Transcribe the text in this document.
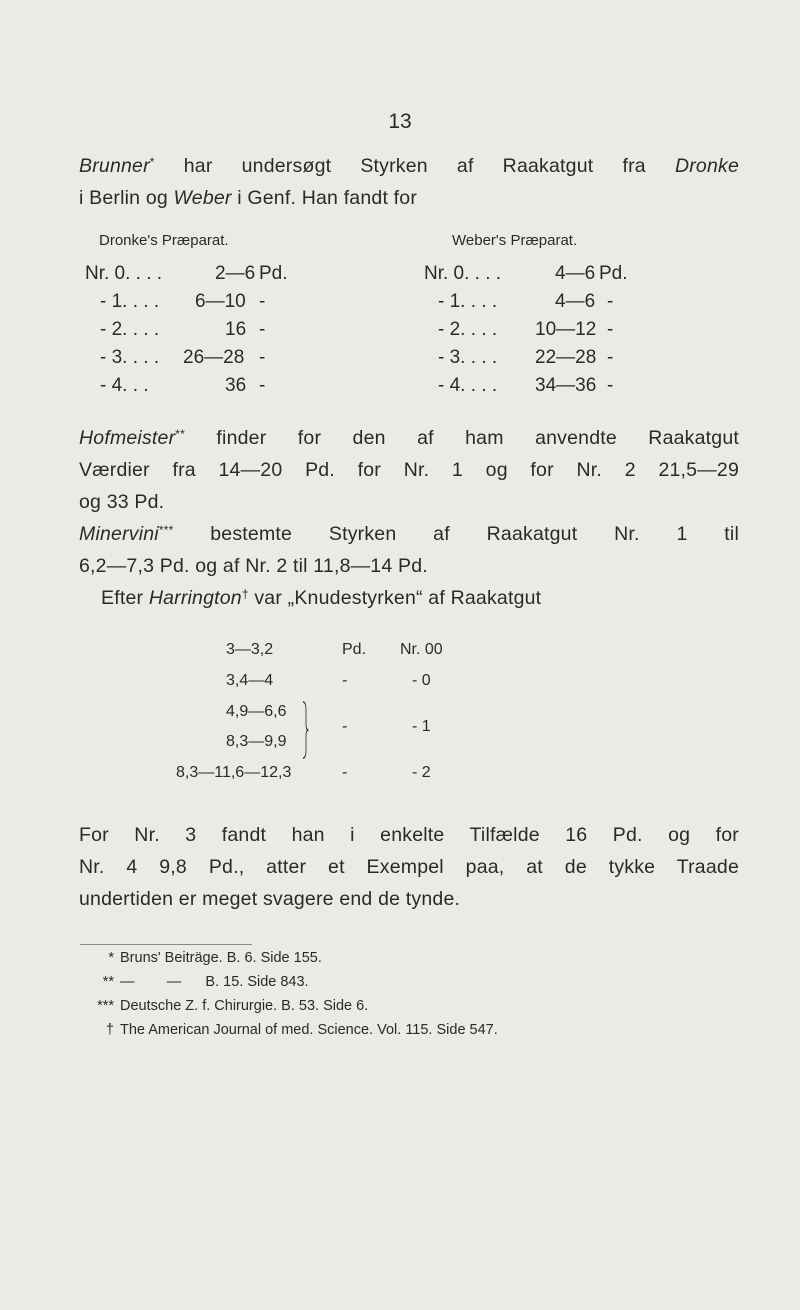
13

Brunner* har undersøgt Styrken af Raakatgut fra Dronke

i Berlin og Weber i Genf. Han fandt for

Dronke's Præparat.
Nr. 0. . . .	2—6 Pd.
- 1. . . . 6—10 -
- 2. . . .	16 -
- 3. . . . 26—28 -
- 4. . .	36 -
Weber's Præparat.
Nr. 0. . . .	4—6 Pd.
- 1. . . .	4—6 -
- 2. . . . 10—12 -
- 3. . . . 22—28 -
- 4. . . . 34—36 -

Hofmeister** finder for den af ham anvendte Raakatgut

Værdier fra 14—20 Pd. for Nr. 1 og for Nr. 2 21,5—29

og 33 Pd.

Minervini*** bestemte Styrken af Raakatgut Nr. 1 til

6,2—7,3 Pd. og af Nr. 2 til 11,8—14 Pd.

Efter Harrington† var „Knudestyrken“ af Raakatgut

3—3,2	Pd. Nr. 00
3,4—4	-	- 0
4,9—6,6
8,3—9,9
-	- 1
8,3—11,6—12,3	-	- 2

For Nr. 3 fandt han i enkelte Tilfælde 16 Pd. og for

Nr. 4 9,8 Pd., atter et Exempel paa, at de tykke Traade

undertiden er meget svagere end de tynde.

* Bruns' Beiträge. B. 6. Side 155.
** —        —      B. 15. Side 843.
*** Deutsche Z. f. Chirurgie. B. 53. Side 6.
† The American Journal of med. Science. Vol. 115. Side 547.
